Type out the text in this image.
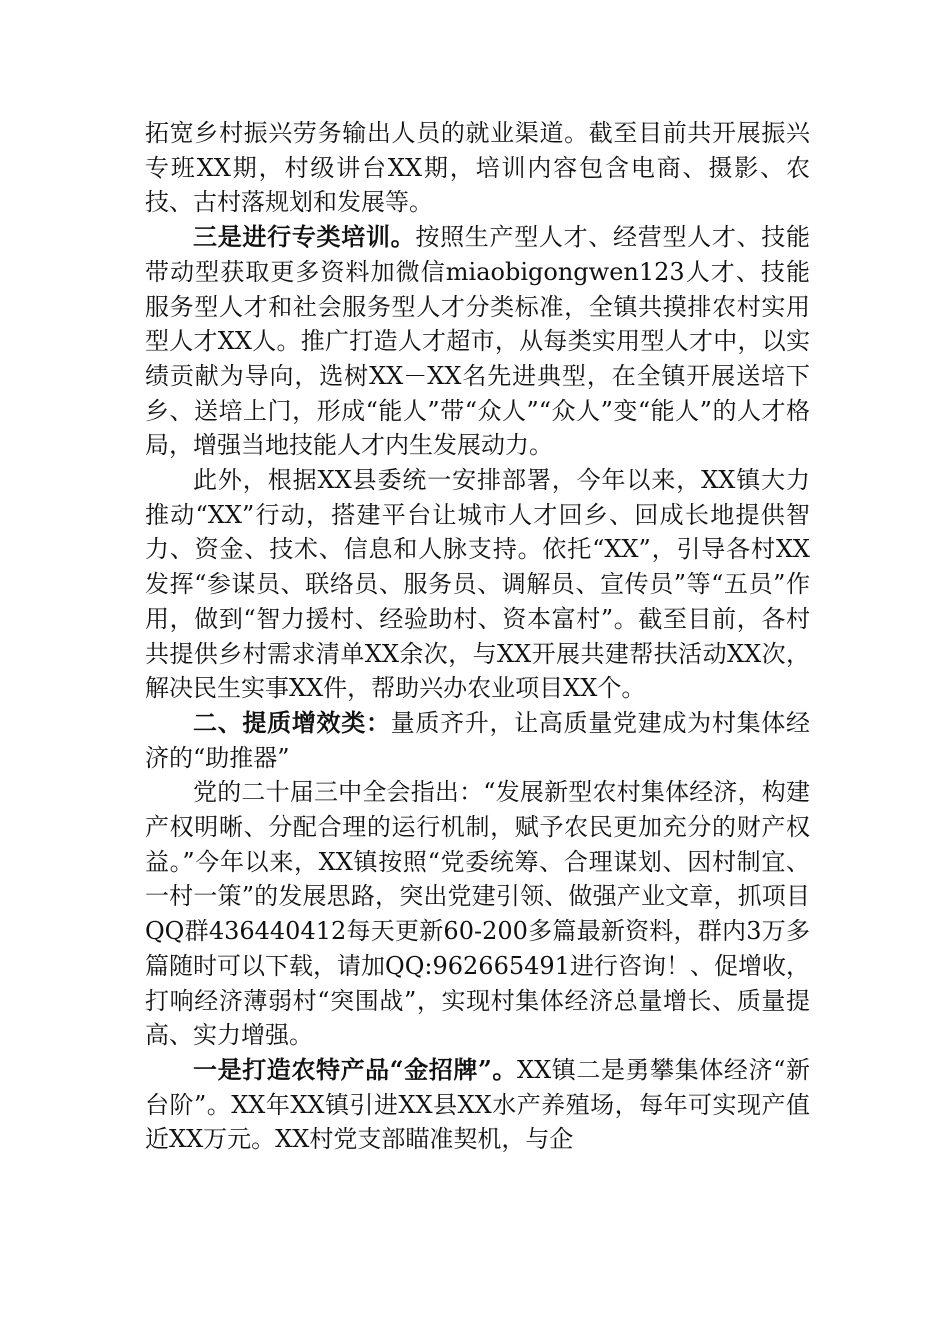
拓宽乡村振兴劳务输出人员的就业渠道。截至目前共开展振兴专班XX期，村级讲台XX期，培训内容包含电商、摄影、农技、古村落规划和发展等。

三是进行专类培训。按照生产型人才、经营型人才、技能带动型获取更多资料加微信miaobigongwen123人才、技能服务型人才和社会服务型人才分类标准，全镇共摸排农村实用型人才XX人。推广打造人才超市，从每类实用型人才中，以实绩贡献为导向，选树XX－XX名先进典型，在全镇开展送培下乡、送培上门，形成“能人”带“众人”“众人”变“能人”的人才格局，增强当地技能人才内生发展动力。

此外，根据XX县委统一安排部署，今年以来，XX镇大力推动“XX”行动，搭建平台让城市人才回乡、回成长地提供智力、资金、技术、信息和人脉支持。依托“XX”，引导各村XX发挥“参谋员、联络员、服务员、调解员、宣传员”等“五员”作用，做到“智力援村、经验助村、资本富村”。截至目前，各村共提供乡村需求清单XX余次，与XX开展共建帮扶活动XX次，解决民生实事XX件，帮助兴办农业项目XX个。

二、提质增效类：量质齐升，让高质量党建成为村集体经济的“助推器”

党的二十届三中全会指出：“发展新型农村集体经济，构建产权明晰、分配合理的运行机制，赋予农民更加充分的财产权益。”今年以来，XX镇按照“党委统筹、合理谋划、因村制宜、一村一策”的发展思路，突出党建引领、做强产业文章，抓项目QQ群436440412每天更新60-200多篇最新资料，群内3万多篇随时可以下载，请加QQ:962665491进行咨询！、促增收，打响经济薄弱村“突围战”，实现村集体经济总量增长、质量提高、实力增强。

一是打造农特产品“金招牌”。XX镇二是勇攀集体经济“新台阶”。XX年XX镇引进XX县XX水产养殖场，每年可实现产值近XX万元。XX村党支部瞄准契机，与企
